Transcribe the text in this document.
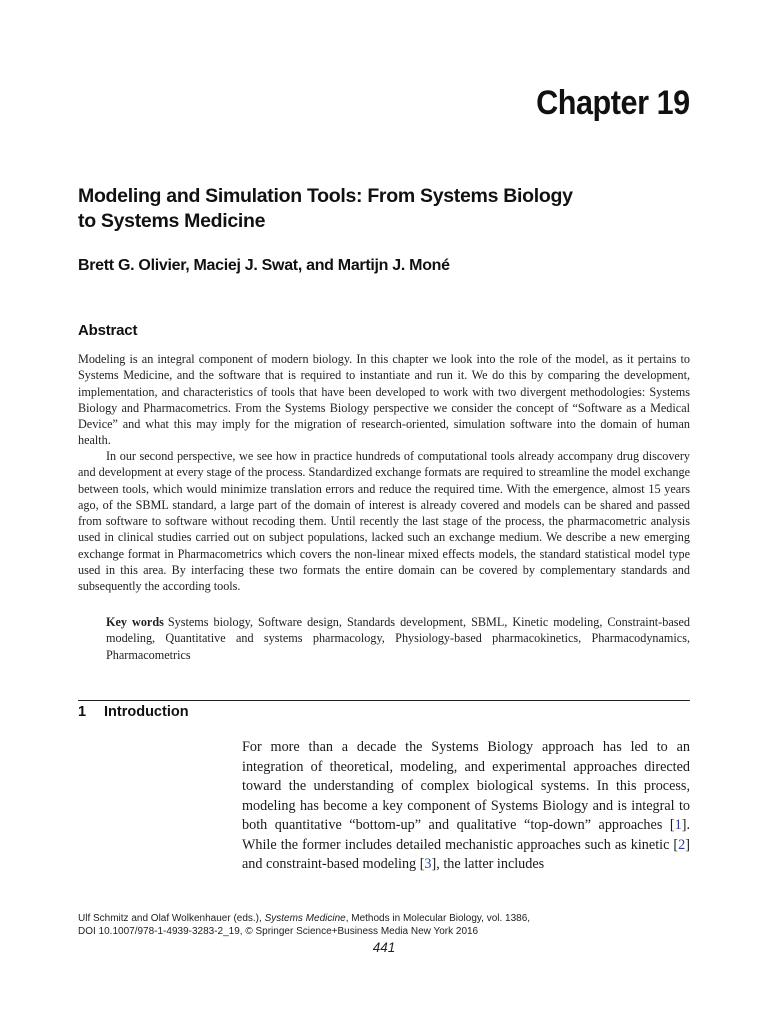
Chapter 19
Modeling and Simulation Tools: From Systems Biology
to Systems Medicine
Brett G. Olivier, Maciej J. Swat, and Martijn J. Moné
Abstract

Modeling is an integral component of modern biology. In this chapter we look into the role of the model, as it pertains to Systems Medicine, and the software that is required to instantiate and run it. We do this by comparing the development, implementation, and characteristics of tools that have been developed to work with two divergent methodologies: Systems Biology and Pharmacometrics. From the Systems Biology perspective we consider the concept of “Software as a Medical Device” and what this may imply for the migration of research-oriented, simulation software into the domain of human health.

In our second perspective, we see how in practice hundreds of computational tools already accompany drug discovery and development at every stage of the process. Standardized exchange formats are required to streamline the model exchange between tools, which would minimize translation errors and reduce the required time. With the emergence, almost 15 years ago, of the SBML standard, a large part of the domain of interest is already covered and models can be shared and passed from software to software without recoding them. Until recently the last stage of the process, the pharmacometric analysis used in clinical studies carried out on subject populations, lacked such an exchange medium. We describe a new emerging exchange format in Pharmacometrics which covers the non-linear mixed effects models, the standard statistical model type used in this area. By interfacing these two formats the entire domain can be covered by complementary standards and subsequently the according tools.

Key words Systems biology, Software design, Standards development, SBML, Kinetic modeling, Constraint-based modeling, Quantitative and systems pharmacology, Physiology-based pharmacokinetics, Pharmacodynamics, Pharmacometrics

1 Introduction

For more than a decade the Systems Biology approach has led to an integration of theoretical, modeling, and experimental approaches directed toward the understanding of complex biological systems. In this process, modeling has become a key component of Systems Biology and is integral to both quantitative “bottom-up” and qualitative “top-down” approaches [1]. While the former includes detailed mechanistic approaches such as kinetic [2] and constraint-based modeling [3], the latter includes

Ulf Schmitz and Olaf Wolkenhauer (eds.), Systems Medicine, Methods in Molecular Biology, vol. 1386,
DOI 10.1007/978-1-4939-3283-2_19, © Springer Science+Business Media New York 2016
441
